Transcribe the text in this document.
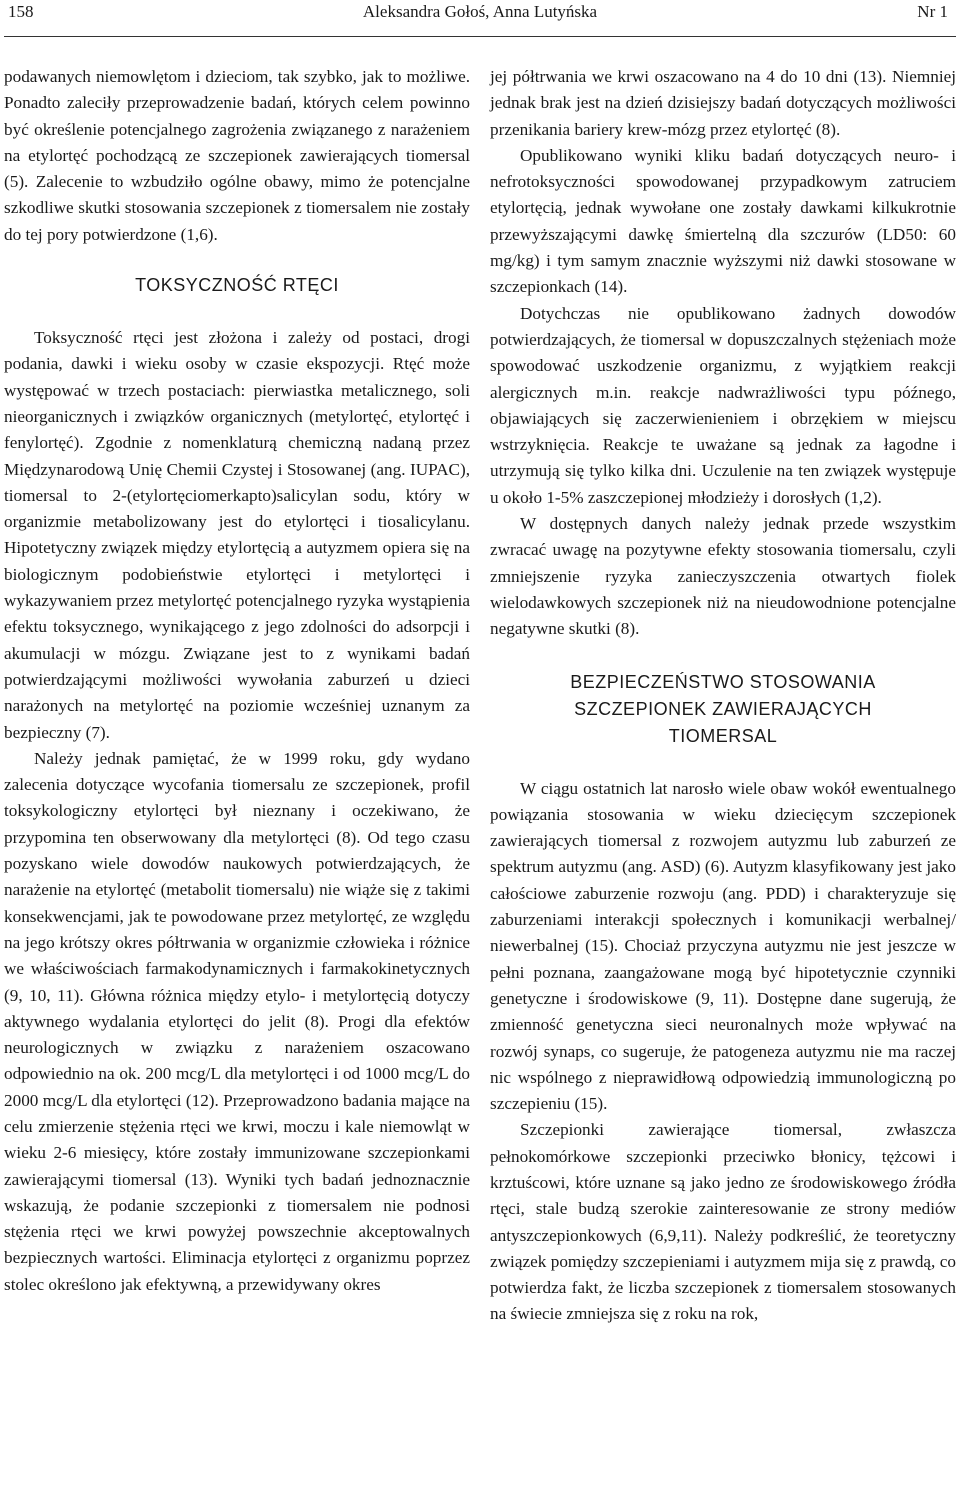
158	Aleksandra Gołoś, Anna Lutyńska	Nr 1

podawanych niemowlętom i dzieciom, tak szybko, jak to możliwe. Ponadto zaleciły przeprowadzenie badań, których celem powinno być określenie potencjalnego zagrożenia związanego z narażeniem na etylortęć pochodzącą ze szczepionek zawierających tiomersal (5). Zalecenie to wzbudziło ogólne obawy, mimo że potencjalne szkodliwe skutki stosowania szczepionek z tiomersalem nie zostały do tej pory potwierdzone (1,6).

TOKSYCZNOŚĆ RTĘCI

Toksyczność rtęci jest złożona i zależy od postaci, drogi podania, dawki i wieku osoby w czasie ekspozycji. Rtęć może występować w trzech postaciach: pierwiastka metalicznego, soli nieorganicznych i związków organicznych (metylortęć, etylortęć i fenylortęć). Zgodnie z nomenklaturą chemiczną nadaną przez Międzynarodową Unię Chemii Czystej i Stosowanej (ang. IUPAC), tiomersal to 2-(etylortęciomerkapto)salicylan sodu, który w organizmie metabolizowany jest do etylortęci i tiosalicylanu. Hipotetyczny związek między etylortęcią a autyzmem opiera się na biologicznym podobieństwie etylortęci i metylortęci i wykazywaniem przez metylortęć potencjalnego ryzyka wystąpienia efektu toksycznego, wynikającego z jego zdolności do adsorpcji i akumulacji w mózgu. Związane jest to z wynikami badań potwierdzającymi możliwości wywołania zaburzeń u dzieci narażonych na metylortęć na poziomie wcześniej uznanym za bezpieczny (7).

Należy jednak pamiętać, że w 1999 roku, gdy wydano zalecenia dotyczące wycofania tiomersalu ze szczepionek, profil toksykologiczny etylortęci był nieznany i oczekiwano, że przypomina ten obserwowany dla metylortęci (8). Od tego czasu pozyskano wiele dowodów naukowych potwierdzających, że narażenie na etylortęć (metabolit tiomersalu) nie wiąże się z takimi konsekwencjami, jak te powodowane przez metylortęć, ze względu na jego krótszy okres półtrwania w organizmie człowieka i różnice we właściwościach farmakodynamicznych i farmakokinetycznych (9, 10, 11). Główna różnica między etylo- i metylortęcią dotyczy aktywnego wydalania etylortęci do jelit (8). Progi dla efektów neurologicznych w związku z narażeniem oszacowano odpowiednio na ok. 200 mcg/L dla metylortęci i od 1000 mcg/L do 2000 mcg/L dla etylortęci (12). Przeprowadzono badania mające na celu zmierzenie stężenia rtęci we krwi, moczu i kale niemowląt w wieku 2-6 miesięcy, które zostały immunizowane szczepionkami zawierającymi tiomersal (13). Wyniki tych badań jednoznacznie wskazują, że podanie szczepionki z tiomersalem nie podnosi stężenia rtęci we krwi powyżej powszechnie akceptowalnych bezpiecznych wartości. Eliminacja etylortęci z organizmu poprzez stolec określono jak efektywną, a przewidywany okres

jej półtrwania we krwi oszacowano na 4 do 10 dni (13). Niemniej jednak brak jest na dzień dzisiejszy badań dotyczących możliwości przenikania bariery krew-mózg przez etylortęć (8).

Opublikowano wyniki kliku badań dotyczących neuro- i nefrotoksyczności spowodowanej przypadkowym zatruciem etylortęcią, jednak wywołane one zostały dawkami kilkukrotnie przewyższającymi dawkę śmiertelną dla szczurów (LD50: 60 mg/kg) i tym samym znacznie wyższymi niż dawki stosowane w szczepionkach (14).

Dotychczas nie opublikowano żadnych dowodów potwierdzających, że tiomersal w dopuszczalnych stężeniach może spowodować uszkodzenie organizmu, z wyjątkiem reakcji alergicznych m.in. reakcje nadwrażliwości typu późnego, objawiających się zaczerwienieniem i obrzękiem w miejscu wstrzyknięcia. Reakcje te uważane są jednak za łagodne i utrzymują się tylko kilka dni. Uczulenie na ten związek występuje u około 1-5% zaszczepionej młodzieży i dorosłych (1,2).

W dostępnych danych należy jednak przede wszystkim zwracać uwagę na pozytywne efekty stosowania tiomersalu, czyli zmniejszenie ryzyka zanieczyszczenia otwartych fiolek wielodawkowych szczepionek niż na nieudowodnione potencjalne negatywne skutki (8).

BEZPIECZEŃSTWO STOSOWANIA
SZCZEPIONEK ZAWIERAJĄCYCH
TIOMERSAL

W ciągu ostatnich lat narosło wiele obaw wokół ewentualnego powiązania stosowania w wieku dziecięcym szczepionek zawierających tiomersal z rozwojem autyzmu lub zaburzeń ze spektrum autyzmu (ang. ASD) (6). Autyzm klasyfikowany jest jako całościowe zaburzenie rozwoju (ang. PDD) i charakteryzuje się zaburzeniami interakcji społecznych i komunikacji werbalnej/ niewerbalnej (15). Chociaż przyczyna autyzmu nie jest jeszcze w pełni poznana, zaangażowane mogą być hipotetycznie czynniki genetyczne i środowiskowe (9, 11). Dostępne dane sugerują, że zmienność genetyczna sieci neuronalnych może wpływać na rozwój synaps, co sugeruje, że patogeneza autyzmu nie ma raczej nic wspólnego z nieprawidłową odpowiedzią immunologiczną po szczepieniu (15).

Szczepionki zawierające tiomersal, zwłaszcza pełnokomórkowe szczepionki przeciwko błonicy, tężcowi i krztuścowi, które uznane są jako jedno ze środowiskowego źródła rtęci, stale budzą szerokie zainteresowanie ze strony mediów antyszczepionkowych (6,9,11). Należy podkreślić, że teoretyczny związek pomiędzy szczepieniami i autyzmem mija się z prawdą, co potwierdza fakt, że liczba szczepionek z tiomersalem stosowanych na świecie zmniejsza się z roku na rok,
